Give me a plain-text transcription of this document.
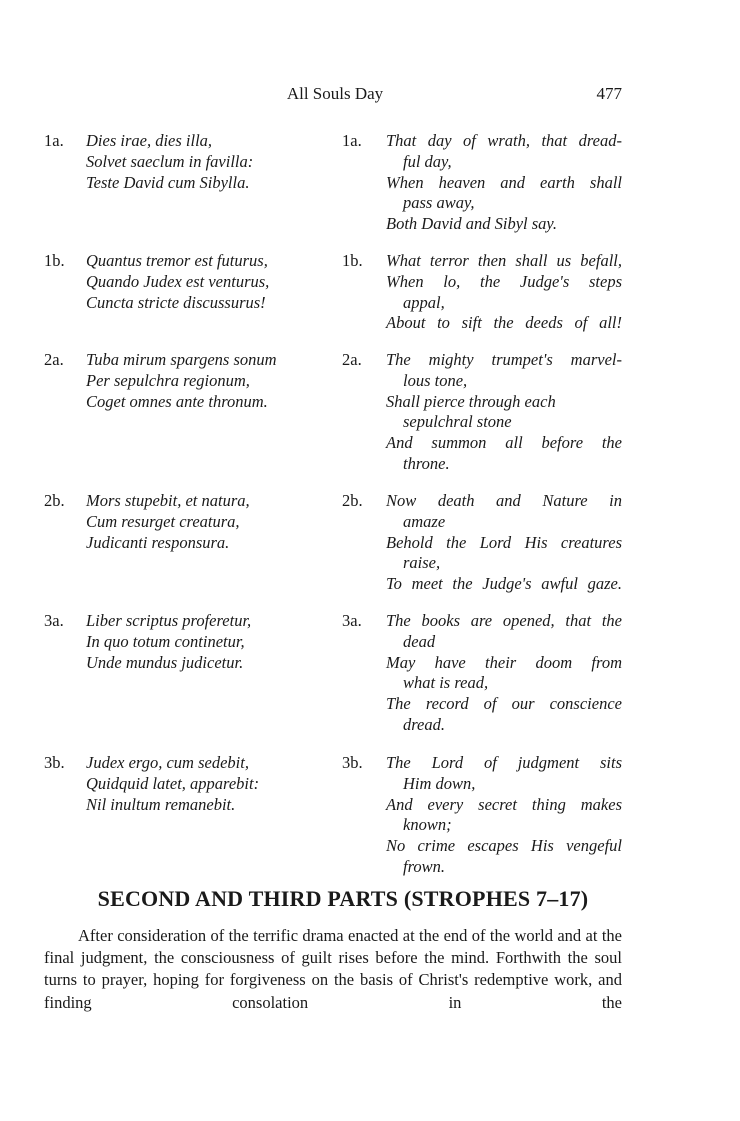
All Souls Day	477
1a. Dies irae, dies illa,
Solvet saeclum in favilla:
Teste David cum Sibylla.
1a. That day of wrath, that dread-
ful day,
When heaven and earth shall
pass away,
Both David and Sibyl say.
1b. Quantus tremor est futurus,
Quando Judex est venturus,
Cuncta stricte discussurus!
1b. What terror then shall us befall,
When lo, the Judge's steps
appal,
About to sift the deeds of all!
2a. Tuba mirum spargens sonum
Per sepulchra regionum,
Coget omnes ante thronum.
2a. The mighty trumpet's marvel-
lous tone,
Shall pierce through each
sepulchral stone
And summon all before the
throne.
2b. Mors stupebit, et natura,
Cum resurget creatura,
Judicanti responsura.
2b. Now death and Nature in
amaze
Behold the Lord His creatures
raise,
To meet the Judge's awful gaze.
3a. Liber scriptus proferetur,
In quo totum continetur,
Unde mundus judicetur.
3a. The books are opened, that the
dead
May have their doom from
what is read,
The record of our conscience
dread.
3b. Judex ergo, cum sedebit,
Quidquid latet, apparebit:
Nil inultum remanebit.
3b. The Lord of judgment sits
Him down,
And every secret thing makes
known;
No crime escapes His vengeful
frown.
SECOND AND THIRD PARTS (STROPHES 7–17)
After consideration of the terrific drama enacted at the end of the world and at the final judgment, the consciousness of guilt rises before the mind. Forthwith the soul turns to prayer, hoping for forgiveness on the basis of Christ's redemptive work, and finding consolation in the
